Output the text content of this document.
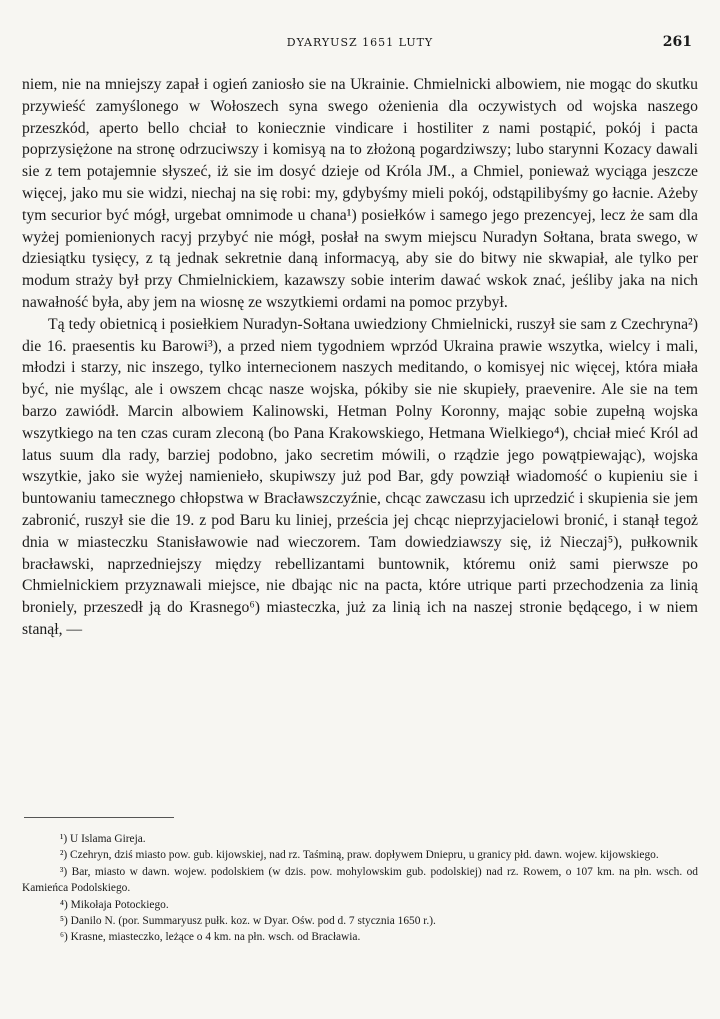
DYARYUSZ 1651 LUTY	261

niem, nie na mniejszy zapał i ogień zaniosło sie na Ukrainie. Chmielnicki albowiem, nie mogąc do skutku przywieść zamyślonego w Wołoszech syna swego ożenienia dla oczywistych od wojska naszego przeszkód, aperto bello chciał to koniecznie vindicare i hostiliter z nami postąpić, pokój i pacta poprzysiężone na stronę odrzuciwszy i komisyą na to złożoną pogardziwszy; lubo starynni Kozacy dawali sie z tem potajemnie słyszeć, iż sie im dosyć dzieje od Króla JM., a Chmiel, ponieważ wyciąga jeszcze więcej, jako mu sie widzi, niechaj na się robi: my, gdybyśmy mieli pokój, odstąpilibyśmy go łacnie. Ażeby tym securior być mógł, urgebat omnimode u chana¹) posiełków i samego jego prezencyej, lecz że sam dla wyżej pomienionych racyj przybyć nie mógł, posłał na swym miejscu Nuradyn Sołtana, brata swego, w dziesiątku tysięcy, z tą jednak sekretnie daną informacyą, aby sie do bitwy nie skwapiał, ale tylko per modum straży był przy Chmielnickiem, kazawszy sobie interim dawać wskok znać, jeśliby jaka na nich nawałność była, aby jem na wiosnę ze wszytkiemi ordami na pomoc przybył.

Tą tedy obietnicą i posiełkiem Nuradyn-Sołtana uwiedziony Chmielnicki, ruszył sie sam z Czechryna²) die 16. praesentis ku Barowi³), a przed niem tygodniem wprzód Ukraina prawie wszytka, wielcy i mali, młodzi i starzy, nic inszego, tylko internecionem naszych meditando, o komisyej nic więcej, która miała być, nie myśląc, ale i owszem chcąc nasze wojska, pókiby sie nie skupieły, praevenire. Ale sie na tem barzo zawiódł. Marcin albowiem Kalinowski, Hetman Polny Koronny, mając sobie zupełną wojska wszytkiego na ten czas curam zleconą (bo Pana Krakowskiego, Hetmana Wielkiego⁴), chciał mieć Król ad latus suum dla rady, barziej podobno, jako secretim mówili, o rządzie jego powątpiewając), wojska wszytkie, jako sie wyżej namienieło, skupiwszy już pod Bar, gdy powziął wiadomość o kupieniu sie i buntowaniu tamecznego chłopstwa w Bracławszczyźnie, chcąc zawczasu ich uprzedzić i skupienia sie jem zabronić, ruszył sie die 19. z pod Baru ku liniej, prześcia jej chcąc nieprzyjacielowi bronić, i stanął tegoż dnia w miasteczku Stanisławowie nad wieczorem. Tam dowiedziawszy się, iż Nieczaj⁵), pułkownik bracławski, naprzedniejszy między rebellizantami buntownik, któremu oniż sami pierwsze po Chmielnickiem przyznawali miejsce, nie dbając nic na pacta, które utrique parti przechodzenia za linią broniely, przeszedł ją do Krasnego⁶) miasteczka, już za linią ich na naszej stronie będącego, i w niem stanął, —

¹) U Islama Gireja.

²) Czehryn, dziś miasto pow. gub. kijowskiej, nad rz. Taśminą, praw. dopływem Dniepru, u granicy płd. dawn. wojew. kijowskiego.

³) Bar, miasto w dawn. wojew. podolskiem (w dzis. pow. mohylowskim gub. podolskiej) nad rz. Rowem, o 107 km. na płn. wsch. od Kamieńca Podolskiego.

⁴) Mikołaja Potockiego.

⁵) Danilo N. (por. Summaryusz pułk. koz. w Dyar. Ośw. pod d. 7 stycznia 1650 r.).

⁶) Krasne, miasteczko, leżące o 4 km. na płn. wsch. od Bracławia.
